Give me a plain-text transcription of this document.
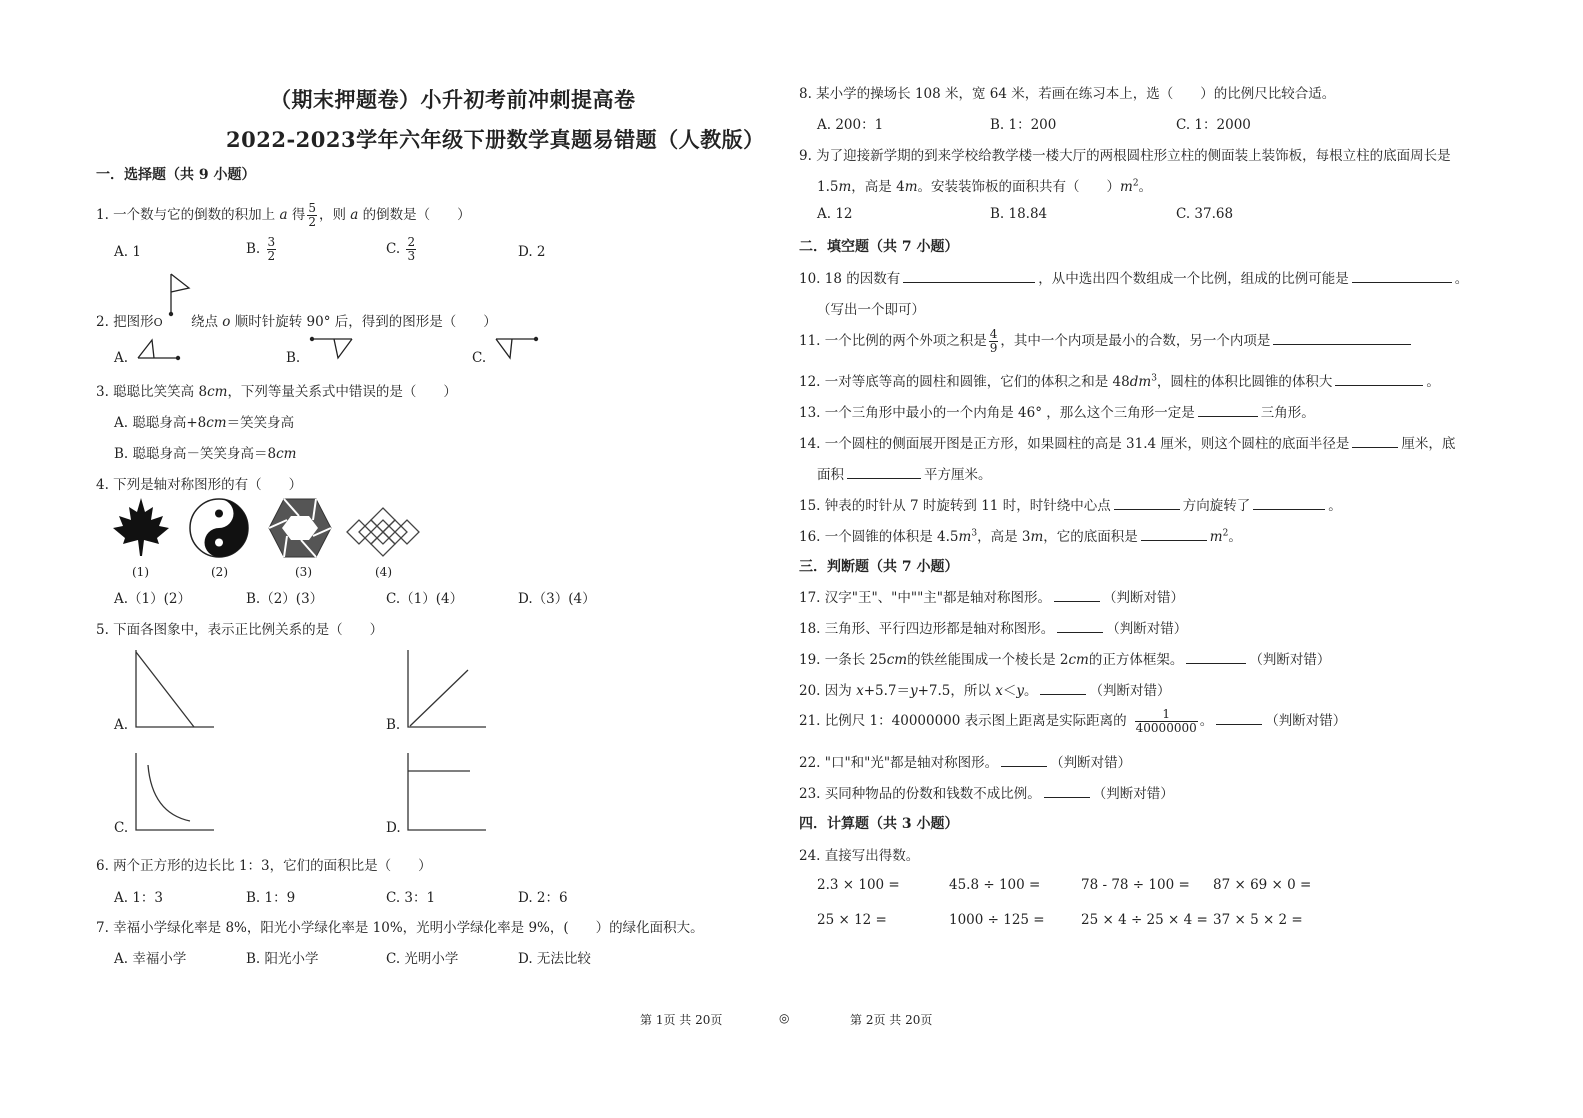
（期末押题卷）小升初考前冲刺提高卷
2022-2023学年六年级下册数学真题易错题（人教版）
一．选择题（共 9 小题）
1. 一个数与它的倒数的积加上 a 得 $\frac{5}{2}$ ，则 a 的倒数是（　　）
A. 1	B. $\frac{3}{2}$	C. $\frac{2}{3}$	D. 2
2. 把图形O 绕点 o 顺时针旋转 90° 后，得到的图形是（　　）
A.	B.	C.
3. 聪聪比笑笑高 8cm，下列等量关系式中错误的是（　　）
A. 聪聪身高+8cm＝笑笑身高
B. 聪聪身高－笑笑身高＝8cm
4. 下列是轴对称图形的有（　　）
(1)	(2)	(3)	(4)
A.（1）(2）	B.（2）(3）	C.（1）(4）	D.（3）(4）
5. 下面各图象中，表示正比例关系的是（　　）
A.	B.
C.	D.
6. 两个正方形的边长比 1：3，它们的面积比是（　　）
A. 1：3	B. 1：9	C. 3：1	D. 2：6
7. 幸福小学绿化率是 8%，阳光小学绿化率是 10%，光明小学绿化率是 9%，(　　）的绿化面积大。
A. 幸福小学	B. 阳光小学	C. 光明小学	D. 无法比较
8. 某小学的操场长 108 米，宽 64 米，若画在练习本上，选（　　）的比例尺比较合适。
A. 200：1	B. 1：200	C. 1：2000
9. 为了迎接新学期的到来学校给教学楼一楼大厅的两根圆柱形立柱的侧面装上装饰板，每根立柱的底面周长是
1.5m，高是 4m。安装装饰板的面积共有（　　）$m^2$。
A. 12	B. 18.84	C. 37.68
二．填空题（共 7 小题）
10. 18 的因数有	，从中选出四个数组成一个比例，组成的比例可能是	。
（写出一个即可）
11. 一个比例的两个外项之积是 $\frac{4}{9}$ ，其中一个内项是最小的合数，另一个内项是
12. 一对等底等高的圆柱和圆锥，它们的体积之和是 $48dm^3$，圆柱的体积比圆锥的体积大	。
13. 一个三角形中最小的一个内角是 46° ，那么这个三角形一定是	三角形。
14. 一个圆柱的侧面展开图是正方形，如果圆柱的高是 31.4 厘米，则这个圆柱的底面半径是	厘米，底
面积	平方厘米。
15. 钟表的时针从 7 时旋转到 11 时，时针绕中心点	方向旋转了	。
16. 一个圆锥的体积是 $4.5m^3$，高是 3m，它的底面积是	$m^2$。
三．判断题（共 7 小题）
17. 汉字"王"、"中""主"都是轴对称图形。	（判断对错）
18. 三角形、平行四边形都是轴对称图形。	（判断对错）
19. 一条长 25cm的铁丝能围成一个棱长是 2cm的正方体框架。	（判断对错）
20. 因为 x+5.7＝y+7.5，所以 x＜y。	（判断对错）
21. 比例尺 1：40000000 表示图上距离是实际距离的 $\frac{1}{40000000}$ 。	（判断对错）
22. "口"和"光"都是轴对称图形。	（判断对错）
23. 买同种物品的份数和钱数不成比例。	（判断对错）
四．计算题（共 3 小题）
24. 直接写出得数。
2.3 × 100 =	45.8 ÷ 100 =	78 - 78 ÷ 100 = 87 × 69 × 0 =
25 × 12 =	1000 ÷ 125 =	25 × 4 ÷ 25 × 4 = 37 × 5 × 2 =
第 1页 共 20页	◎	第 2页 共 20页
